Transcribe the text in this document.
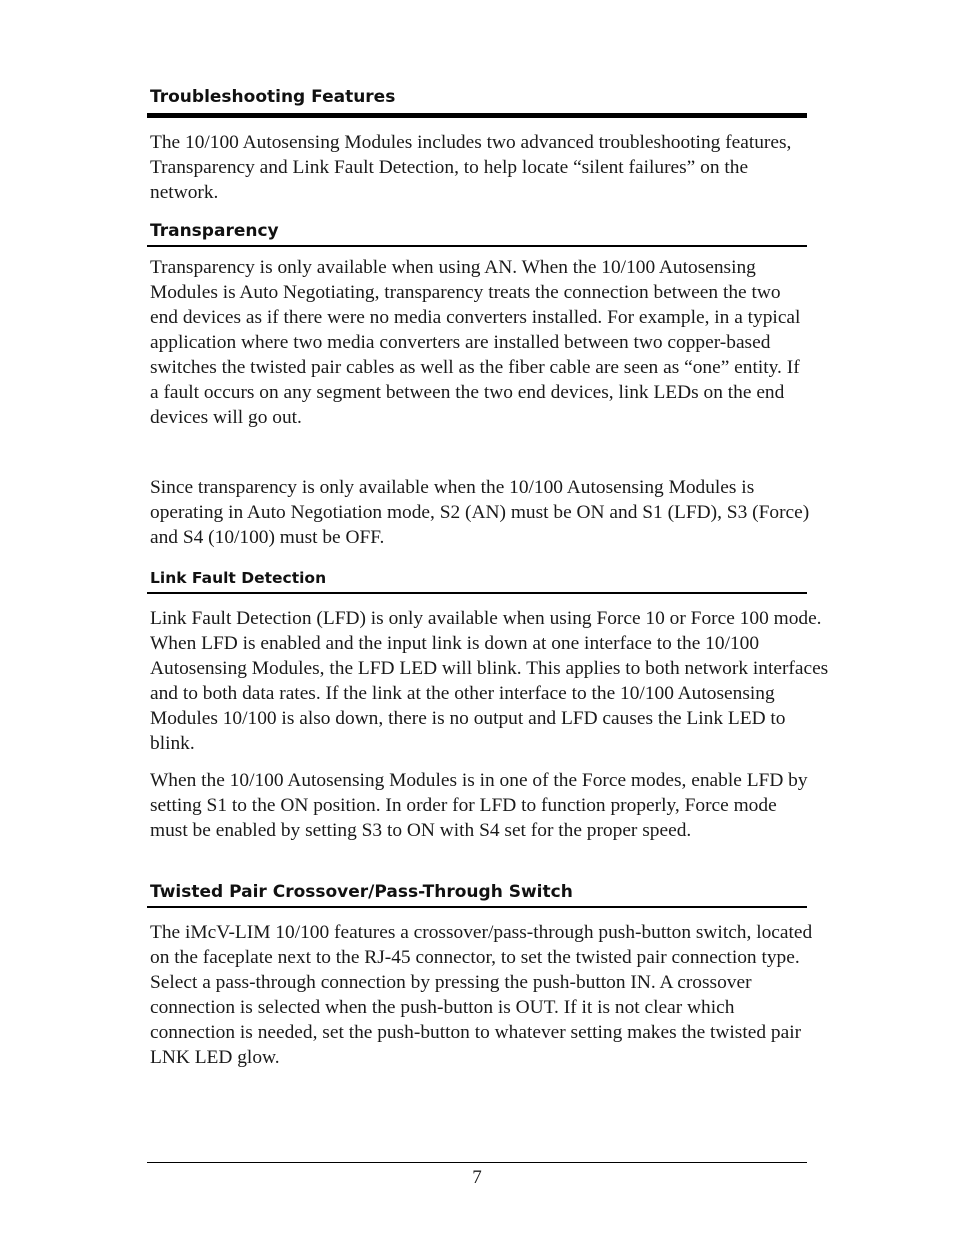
Troubleshooting Features

The 10/100 Autosensing Modules includes two advanced troubleshooting features,
Transparency and Link Fault Detection, to help locate “silent failures” on the
network.

Transparency

Transparency is only available when using AN. When the 10/100 Autosensing
Modules is Auto Negotiating, transparency treats the connection between the two
end devices as if there were no media converters installed. For example, in a typical
application where two media converters are installed between two copper-based
switches the twisted pair cables as well as the fiber cable are seen as “one” entity. If
a fault occurs on any segment between the two end devices, link LEDs on the end
devices will go out.

Since transparency is only available when the 10/100 Autosensing Modules is
operating in Auto Negotiation mode, S2 (AN) must be ON and S1 (LFD), S3 (Force)
and S4 (10/100) must be OFF.

Link Fault Detection

Link Fault Detection (LFD) is only available when using Force 10 or Force 100 mode.
When LFD is enabled and the input link is down at one interface to the 10/100
Autosensing Modules, the LFD LED will blink. This applies to both network interfaces
and to both data rates. If the link at the other interface to the 10/100 Autosensing
Modules 10/100 is also down, there is no output and LFD causes the Link LED to
blink.

When the 10/100 Autosensing Modules is in one of the Force modes, enable LFD by
setting S1 to the ON position. In order for LFD to function properly, Force mode
must be enabled by setting S3 to ON with S4 set for the proper speed.

Twisted Pair Crossover/Pass-Through Switch

The iMcV-LIM 10/100 features a crossover/pass-through push-button switch, located
on the faceplate next to the RJ-45 connector, to set the twisted pair connection type.
Select a pass-through connection by pressing the push-button IN. A crossover
connection is selected when the push-button is OUT. If it is not clear which
connection is needed, set the push-button to whatever setting makes the twisted pair
LNK LED glow.

7
